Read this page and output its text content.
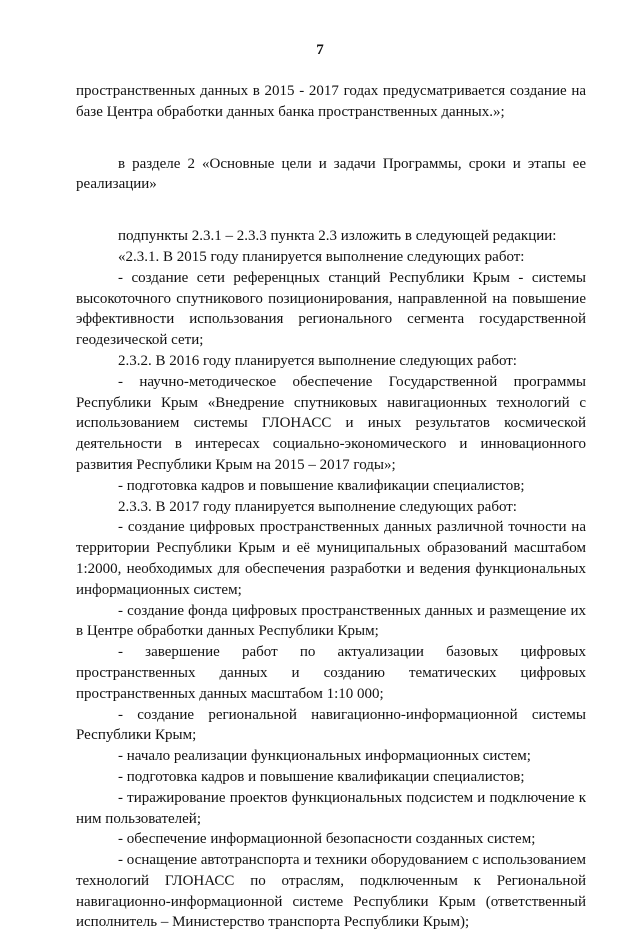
7

пространственных данных в 2015 - 2017 годах предусматривается создание на базе Центра обработки данных банка пространственных данных.»;

в разделе 2 «Основные цели и задачи Программы, сроки и этапы ее реализации»

подпункты 2.3.1 – 2.3.3 пункта 2.3 изложить в следующей редакции:

«2.3.1. В 2015 году планируется выполнение следующих работ:

- создание сети референцных станций Республики Крым - системы высокоточного спутникового позиционирования, направленной на повышение эффективности использования регионального сегмента государственной геодезической сети;

2.3.2. В 2016 году планируется выполнение следующих работ:

- научно-методическое обеспечение Государственной программы Республики Крым «Внедрение спутниковых навигационных технологий с использованием системы ГЛОНАСС и иных результатов космической деятельности в интересах социально-экономического и инновационного развития Республики Крым на 2015 – 2017 годы»;

- подготовка кадров и повышение квалификации специалистов;

2.3.3. В 2017 году планируется выполнение следующих работ:

- создание цифровых пространственных данных различной точности на территории Республики Крым и её муниципальных образований масштабом 1:2000, необходимых для обеспечения разработки и ведения функциональных информационных систем;

- создание фонда цифровых пространственных данных и размещение их в Центре обработки данных Республики Крым;

- завершение работ по актуализации базовых цифровых пространственных данных и созданию тематических цифровых пространственных данных масштабом 1:10 000;

- создание региональной навигационно-информационной системы Республики Крым;

- начало реализации функциональных информационных систем;

- подготовка кадров и повышение квалификации специалистов;

- тиражирование проектов функциональных подсистем и подключение к ним пользователей;

- обеспечение информационной безопасности созданных систем;

- оснащение автотранспорта и техники оборудованием с использованием технологий ГЛОНАСС по отраслям, подключенным к Региональной навигационно-информационной системе Республики Крым (ответственный исполнитель – Министерство транспорта Республики Крым);
